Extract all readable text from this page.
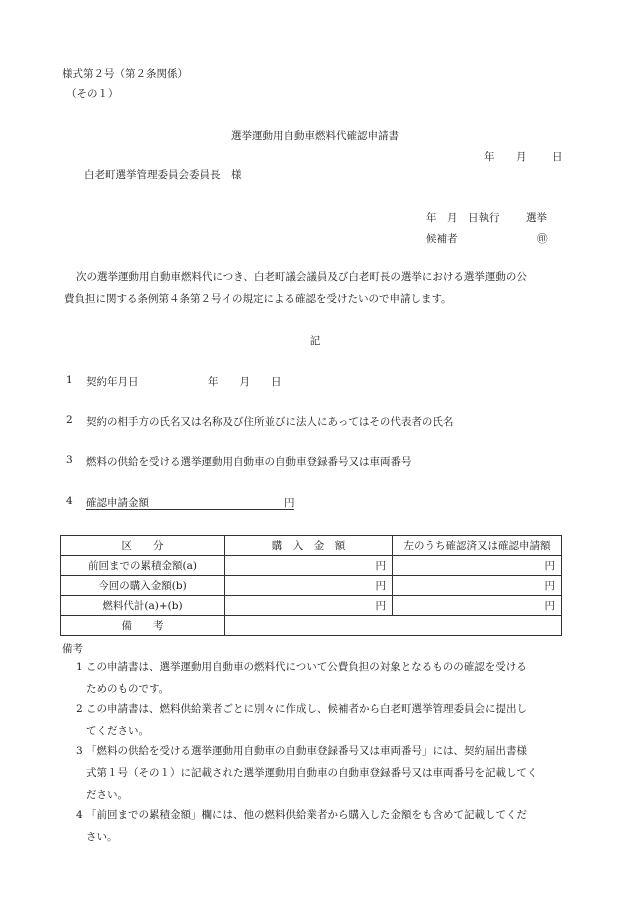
様式第２号（第２条関係）
（その１）
選挙運動用自動車燃料代確認申請書
年 月 日
白老町選挙管理委員会委員長　様
年　月　日執行	選挙
候補者	㊞
次の選挙運動用自動車燃料代につき、白老町議会議員及び白老町長の選挙における選挙運動の公
費負担に関する条例第４条第２号イの規定による確認を受けたいので申請します。
記
1 契約年月日	年　　月　　日
2 契約の相手方の氏名又は名称及び住所並びに法人にあってはその代表者の氏名
3 燃料の供給を受ける選挙運動用自動車の自動車登録番号又は車両番号
4 確認申請金額	円
区　　分	購　入　金　額	左のうち確認済又は確認申請額
前回までの累積金額(a)	円	円
今回の購入金額(b)	円	円
燃料代計(a)+(b)	円	円
備　　考		
備考
1 この申請書は、選挙運動用自動車の燃料代について公費負担の対象となるものの確認を受ける
ためのものです。
2 この申請書は、燃料供給業者ごとに別々に作成し、候補者から白老町選挙管理委員会に提出し
てください。
3 「燃料の供給を受ける選挙運動用自動車の自動車登録番号又は車両番号」には、契約届出書様
式第１号（その１）に記載された選挙運動用自動車の自動車登録番号又は車両番号を記載してく
ださい。
4 「前回までの累積金額」欄には、他の燃料供給業者から購入した金額をも含めて記載してくだ
さい。
